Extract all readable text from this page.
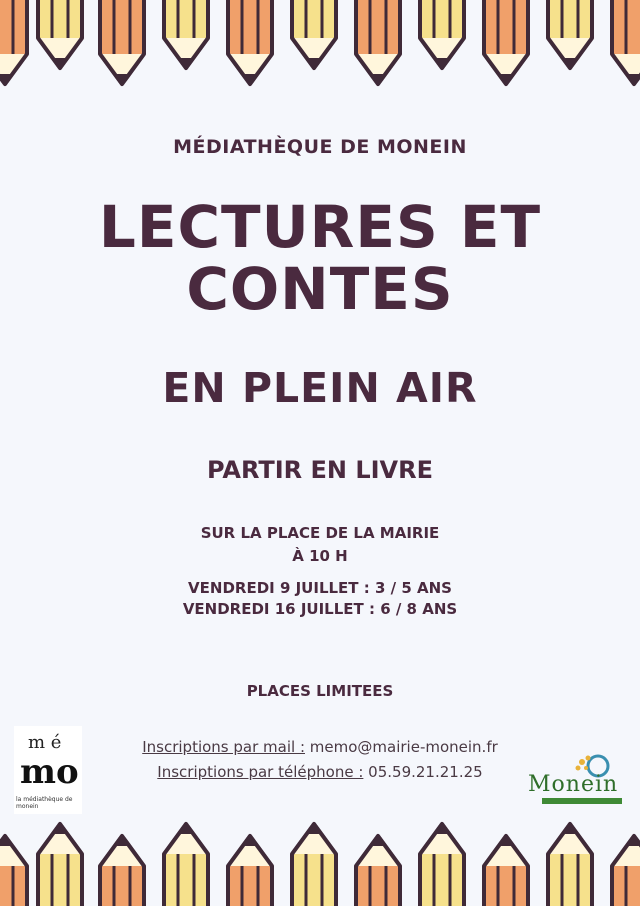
MÉDIATHÈQUE DE MONEIN
LECTURES ET
CONTES
EN PLEIN AIR
PARTIR EN LIVRE
SUR LA PLACE DE LA MAIRIE
À 10 H
VENDREDI 9 JUILLET : 3 / 5 ANS
VENDREDI 16 JUILLET : 6 / 8 ANS
PLACES LIMITEES
Inscriptions par mail : memo@mairie-monein.fr
Inscriptions par téléphone : 05.59.21.21.25
m é
mo
la médiathèque de monein
Monein
